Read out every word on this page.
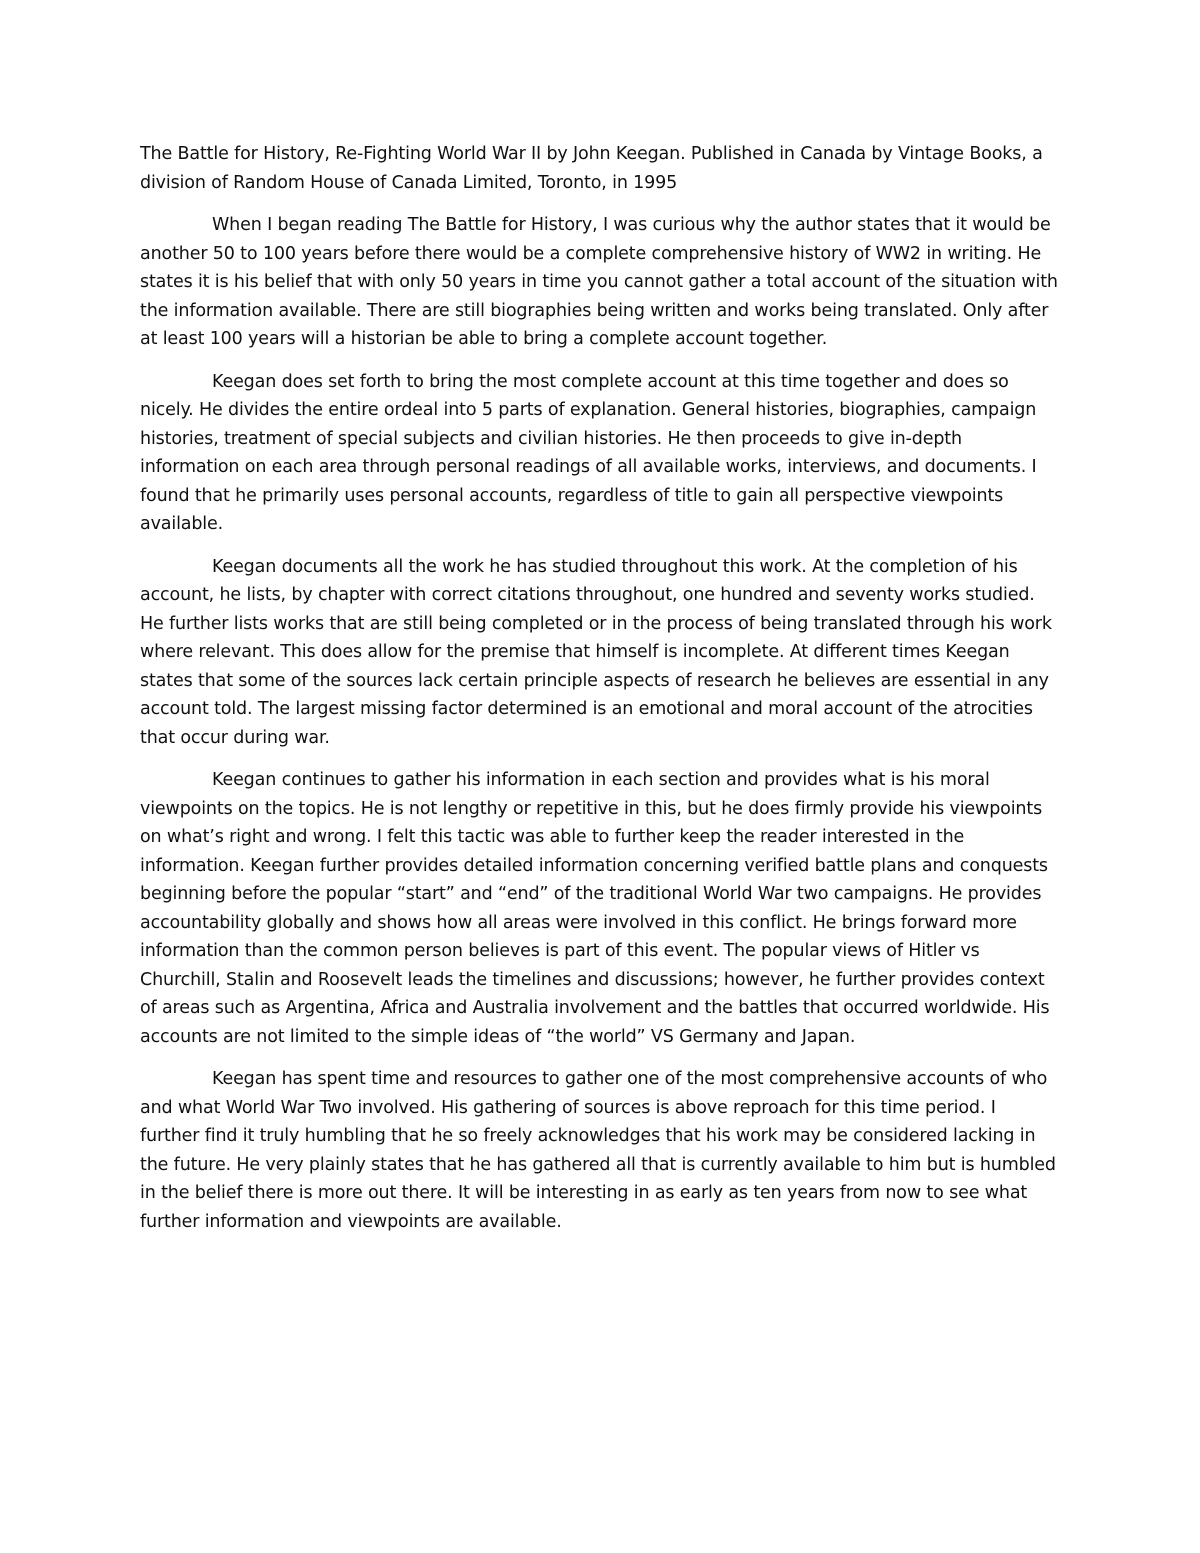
The Battle for History, Re-Fighting World War II by John Keegan. Published in Canada by Vintage Books, a division of Random House of Canada Limited, Toronto, in 1995

When I began reading The Battle for History, I was curious why the author states that it would be another 50 to 100 years before there would be a complete comprehensive history of WW2 in writing. He states it is his belief that with only 50 years in time you cannot gather a total account of the situation with the information available. There are still biographies being written and works being translated. Only after at least 100 years will a historian be able to bring a complete account together.

Keegan does set forth to bring the most complete account at this time together and does so nicely. He divides the entire ordeal into 5 parts of explanation. General histories, biographies, campaign histories, treatment of special subjects and civilian histories. He then proceeds to give in-depth information on each area through personal readings of all available works, interviews, and documents. I found that he primarily uses personal accounts, regardless of title to gain all perspective viewpoints available.

Keegan documents all the work he has studied throughout this work. At the completion of his account, he lists, by chapter with correct citations throughout, one hundred and seventy works studied. He further lists works that are still being completed or in the process of being translated through his work where relevant. This does allow for the premise that himself is incomplete. At different times Keegan states that some of the sources lack certain principle aspects of research he believes are essential in any account told. The largest missing factor determined is an emotional and moral account of the atrocities that occur during war.

Keegan continues to gather his information in each section and provides what is his moral viewpoints on the topics. He is not lengthy or repetitive in this, but he does firmly provide his viewpoints on what’s right and wrong. I felt this tactic was able to further keep the reader interested in the information. Keegan further provides detailed information concerning verified battle plans and conquests beginning before the popular “start” and “end” of the traditional World War two campaigns. He provides accountability globally and shows how all areas were involved in this conflict. He brings forward more information than the common person believes is part of this event. The popular views of Hitler vs Churchill, Stalin and Roosevelt leads the timelines and discussions; however, he further provides context of areas such as Argentina, Africa and Australia involvement and the battles that occurred worldwide. His accounts are not limited to the simple ideas of “the world” VS Germany and Japan.

Keegan has spent time and resources to gather one of the most comprehensive accounts of who and what World War Two involved. His gathering of sources is above reproach for this time period. I further find it truly humbling that he so freely acknowledges that his work may be considered lacking in the future. He very plainly states that he has gathered all that is currently available to him but is humbled in the belief there is more out there. It will be interesting in as early as ten years from now to see what further information and viewpoints are available.
